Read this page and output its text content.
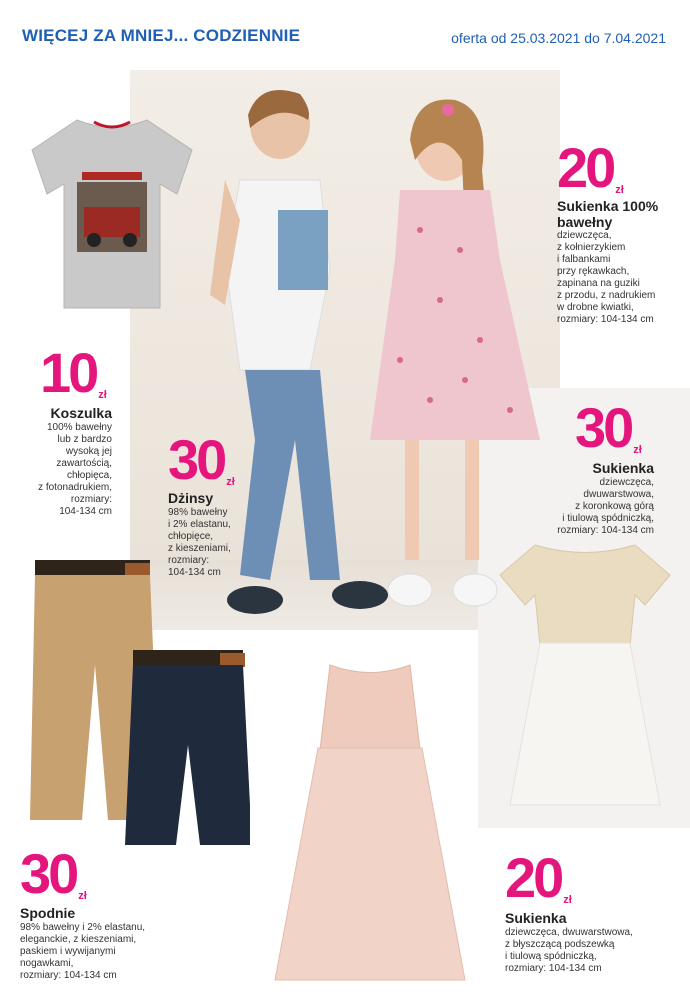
WIĘCEJ ZA MNIEJ... CODZIENNIE	oferta od 25.03.2021 do 7.04.2021
10 zł
Koszulka
100% bawełny
lub z bardzo
wysoką jej
zawartością,
chłopięca,
z fotonadrukiem,
rozmiary:
104-134 cm
30 zł
Dżinsy
98% bawełny
i 2% elastanu,
chłopięce,
z kieszeniami,
rozmiary:
104-134 cm
20 zł
Sukienka 100% bawełny
dziewczęca,
z kołnierzykiem
i falbankami
przy rękawkach,
zapinana na guziki
z przodu, z nadrukiem
w drobne kwiatki,
rozmiary: 104-134 cm
30 zł
Sukienka
dziewczęca,
dwuwarstwowa,
z koronkową górą
i tiulową spódniczką,
rozmiary: 104-134 cm
30 zł
Spodnie
98% bawełny i 2% elastanu,
eleganckie, z kieszeniami,
paskiem i wywijanymi
nogawkami,
rozmiary: 104-134 cm
20 zł
Sukienka
dziewczęca, dwuwarstwowa,
z błyszczącą podszewką
i tiulową spódniczką,
rozmiary: 104-134 cm
